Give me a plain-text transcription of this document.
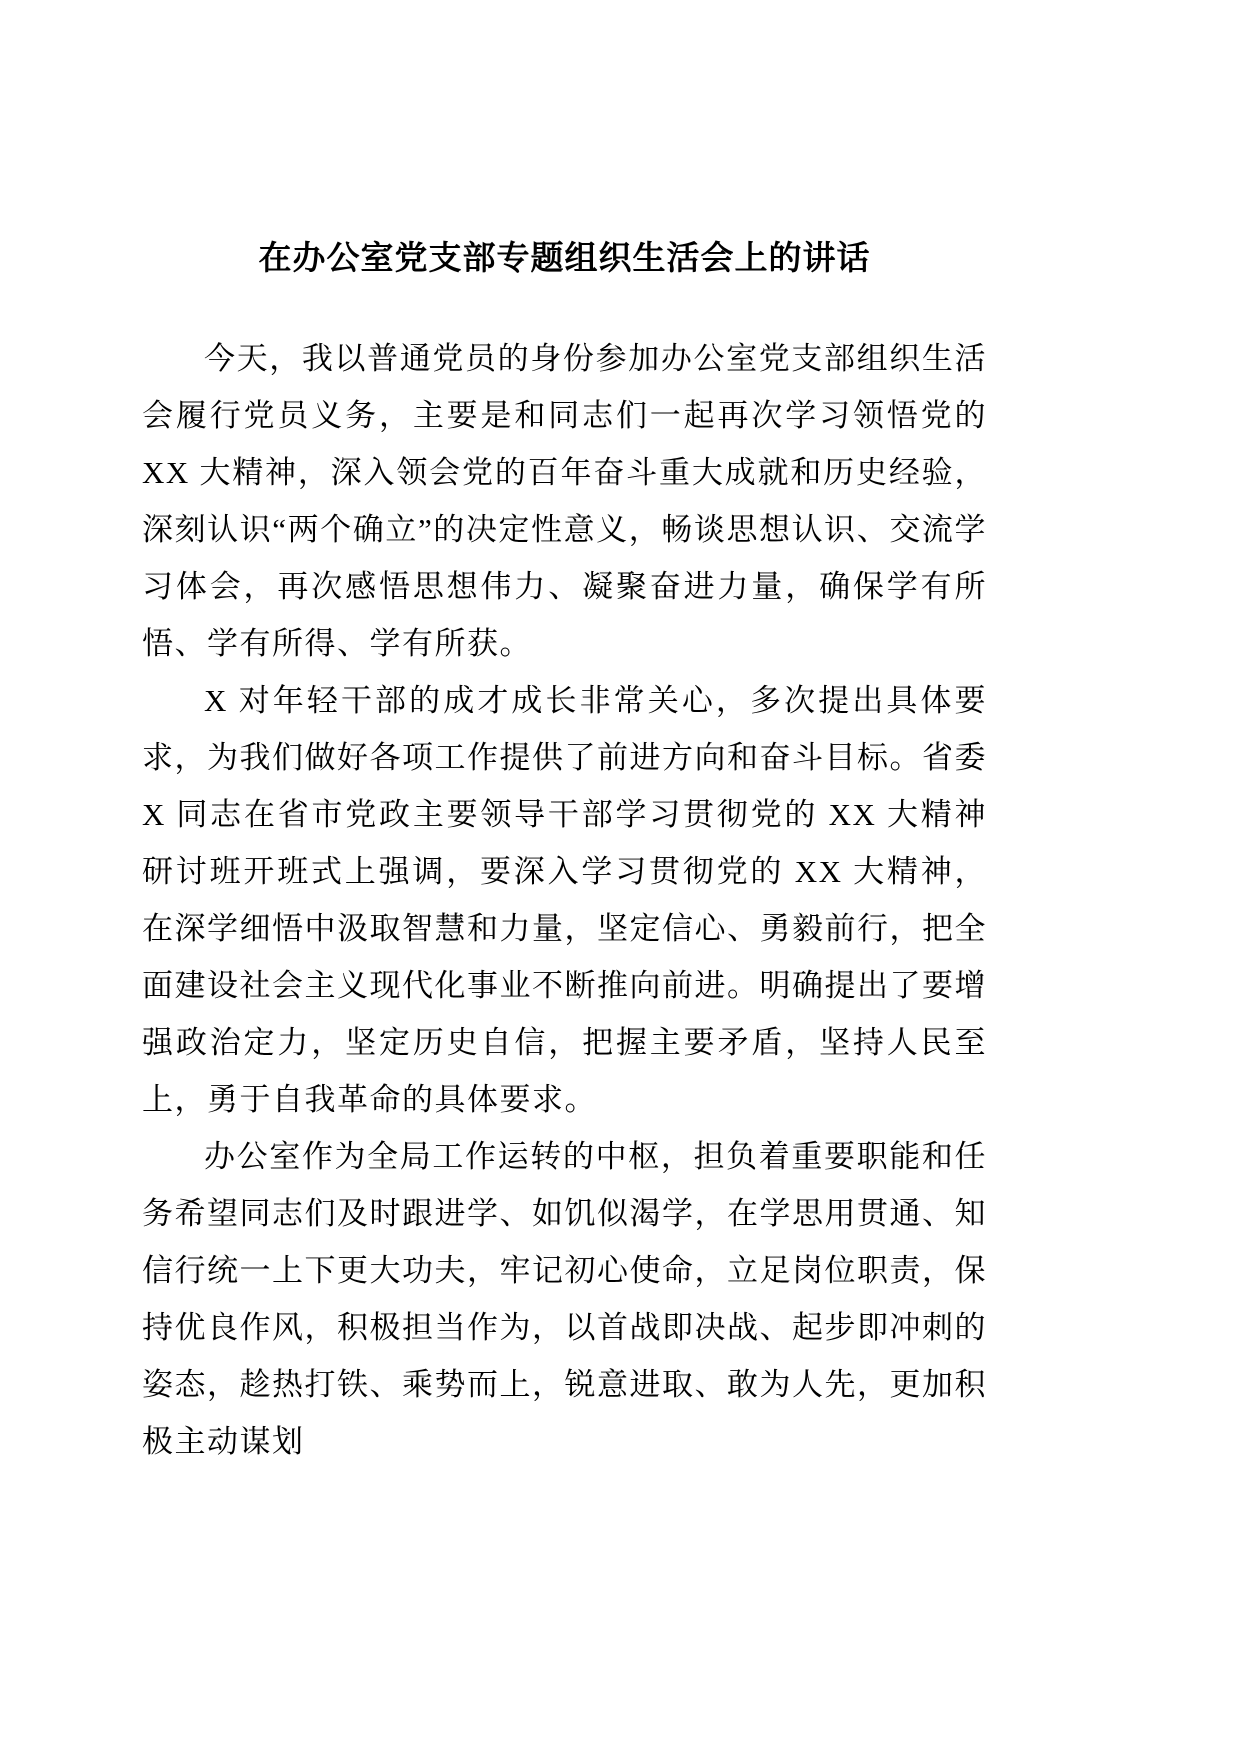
在办公室党支部专题组织生活会上的讲话

今天，我以普通党员的身份参加办公室党支部组织生活会履行党员义务，主要是和同志们一起再次学习领悟党的 XX 大精神，深入领会党的百年奋斗重大成就和历史经验，深刻认识“两个确立”的决定性意义，畅谈思想认识、交流学习体会，再次感悟思想伟力、凝聚奋进力量，确保学有所悟、学有所得、学有所获。

X 对年轻干部的成才成长非常关心，多次提出具体要求，为我们做好各项工作提供了前进方向和奋斗目标。省委 X 同志在省市党政主要领导干部学习贯彻党的 XX 大精神研讨班开班式上强调，要深入学习贯彻党的 XX 大精神，在深学细悟中汲取智慧和力量，坚定信心、勇毅前行，把全面建设社会主义现代化事业不断推向前进。明确提出了要增强政治定力，坚定历史自信，把握主要矛盾，坚持人民至上，勇于自我革命的具体要求。

办公室作为全局工作运转的中枢，担负着重要职能和任务希望同志们及时跟进学、如饥似渴学，在学思用贯通、知信行统一上下更大功夫，牢记初心使命，立足岗位职责，保持优良作风，积极担当作为，以首战即决战、起步即冲刺的姿态，趁热打铁、乘势而上，锐意进取、敢为人先，更加积极主动谋划
